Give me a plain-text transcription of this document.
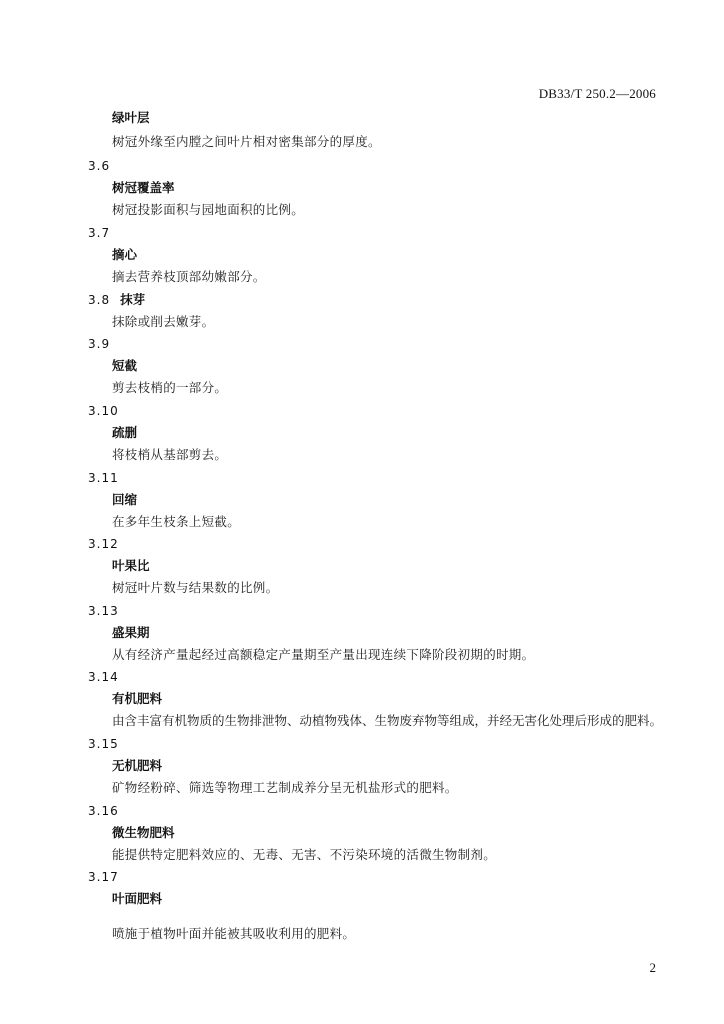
DB33/T 250.2—2006
绿叶层
树冠外缘至内膛之间叶片相对密集部分的厚度。
3.6
树冠覆盖率
树冠投影面积与园地面积的比例。
3.7
摘心
摘去营养枝顶部幼嫩部分。
3.8 抹芽
抹除或削去嫩芽。
3.9
短截
剪去枝梢的一部分。
3.10
疏删
将枝梢从基部剪去。
3.11
回缩
在多年生枝条上短截。
3.12
叶果比
树冠叶片数与结果数的比例。
3.13
盛果期
从有经济产量起经过高额稳定产量期至产量出现连续下降阶段初期的时期。
3.14
有机肥料
由含丰富有机物质的生物排泄物、动植物残体、生物废弃物等组成，并经无害化处理后形成的肥料。
3.15
无机肥料
矿物经粉碎、筛选等物理工艺制成养分呈无机盐形式的肥料。
3.16
微生物肥料
能提供特定肥料效应的、无毒、无害、不污染环境的活微生物制剂。
3.17
叶面肥料
喷施于植物叶面并能被其吸收利用的肥料。
2
